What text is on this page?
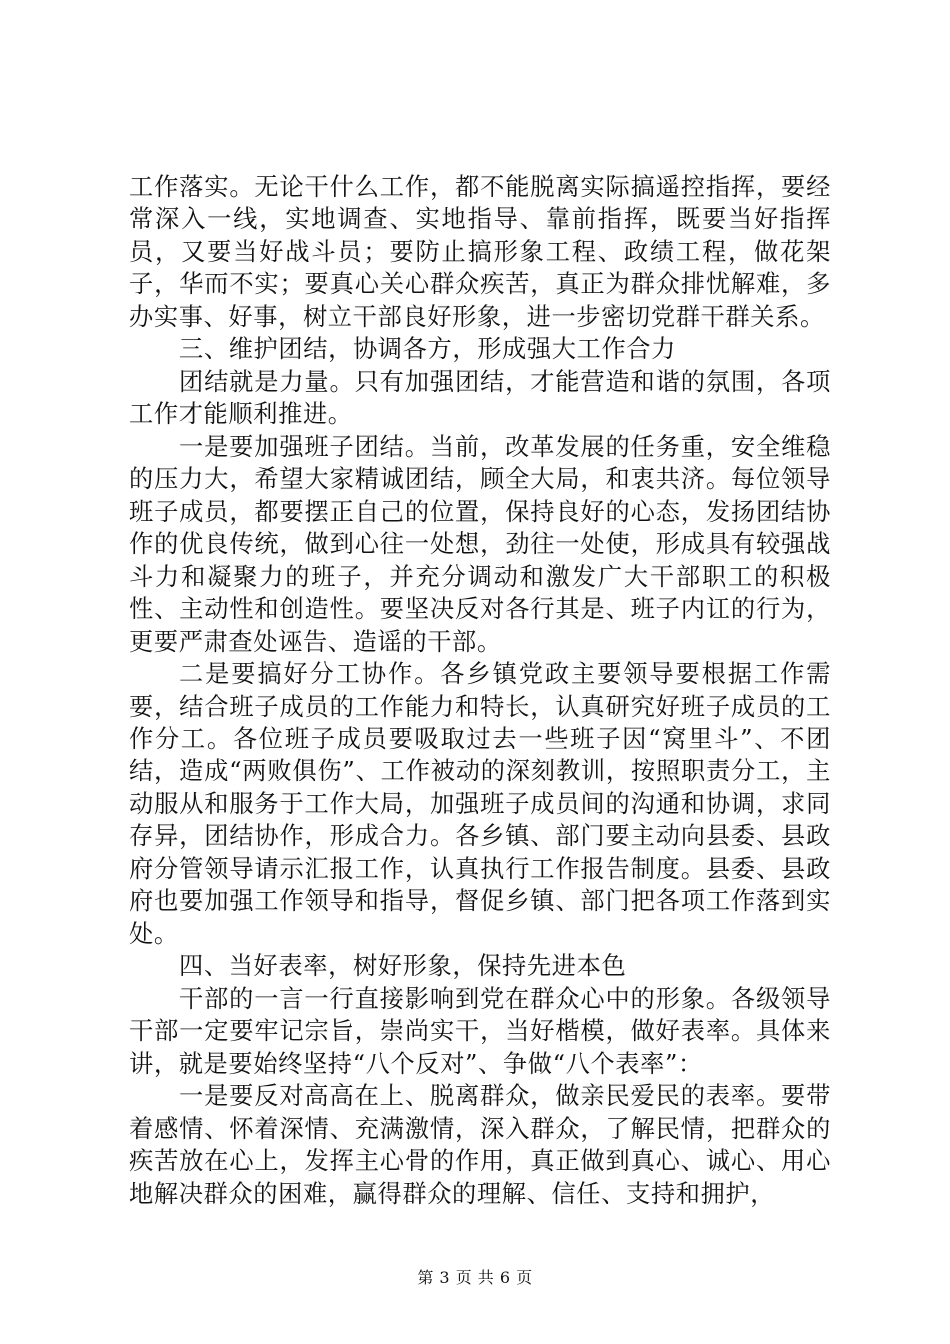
工作落实。无论干什么工作，都不能脱离实际搞遥控指挥，要经常深入一线，实地调查、实地指导、靠前指挥，既要当好指挥员，又要当好战斗员；要防止搞形象工程、政绩工程，做花架子，华而不实；要真心关心群众疾苦，真正为群众排忧解难，多办实事、好事，树立干部良好形象，进一步密切党群干群关系。

三、维护团结，协调各方，形成强大工作合力

团结就是力量。只有加强团结，才能营造和谐的氛围，各项工作才能顺利推进。

一是要加强班子团结。当前，改革发展的任务重，安全维稳的压力大，希望大家精诚团结，顾全大局，和衷共济。每位领导班子成员，都要摆正自己的位置，保持良好的心态，发扬团结协作的优良传统，做到心往一处想，劲往一处使，形成具有较强战斗力和凝聚力的班子，并充分调动和激发广大干部职工的积极性、主动性和创造性。要坚决反对各行其是、班子内讧的行为，更要严肃查处诬告、造谣的干部。

二是要搞好分工协作。各乡镇党政主要领导要根据工作需要，结合班子成员的工作能力和特长，认真研究好班子成员的工作分工。各位班子成员要吸取过去一些班子因“窝里斗”、不团结，造成“两败俱伤”、工作被动的深刻教训，按照职责分工，主动服从和服务于工作大局，加强班子成员间的沟通和协调，求同存异，团结协作，形成合力。各乡镇、部门要主动向县委、县政府分管领导请示汇报工作，认真执行工作报告制度。县委、县政府也要加强工作领导和指导，督促乡镇、部门把各项工作落到实处。

四、当好表率，树好形象，保持先进本色

干部的一言一行直接影响到党在群众心中的形象。各级领导干部一定要牢记宗旨，崇尚实干，当好楷模，做好表率。具体来讲，就是要始终坚持“八个反对”、争做“八个表率”：

一是要反对高高在上、脱离群众，做亲民爱民的表率。要带着感情、怀着深情、充满激情，深入群众，了解民情，把群众的疾苦放在心上，发挥主心骨的作用，真正做到真心、诚心、用心地解决群众的困难，赢得群众的理解、信任、支持和拥护，

第 3 页 共 6 页
